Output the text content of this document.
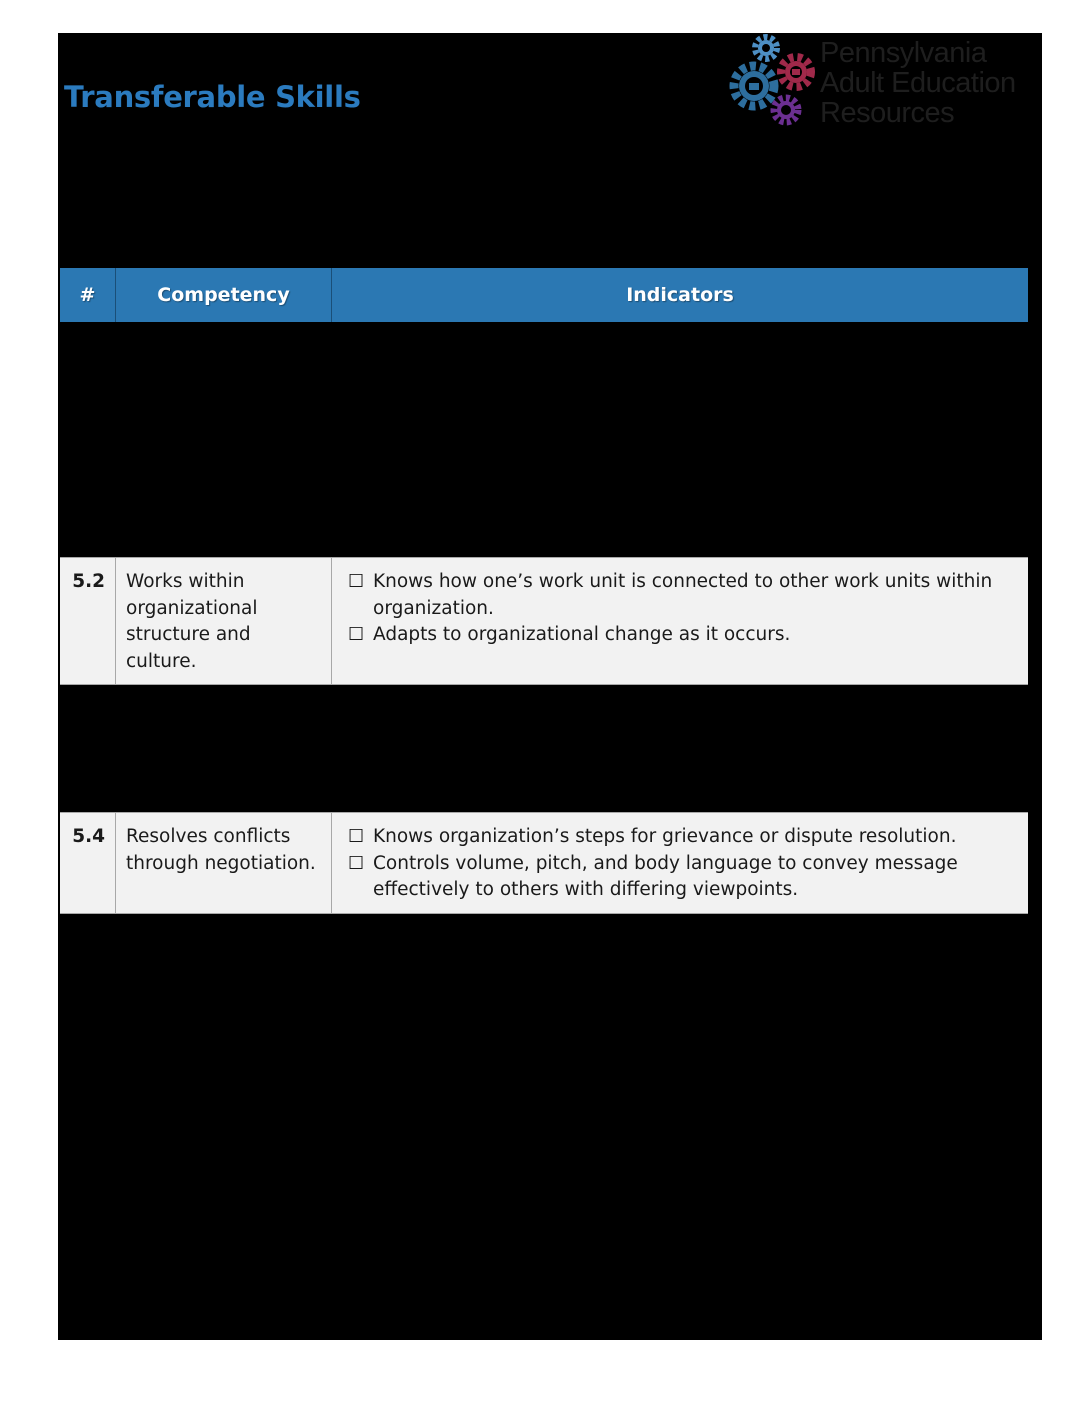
Transferable Skills
Pennsylvania
Adult Education
Resources
#	Competency	Indicators
5.2	Works within organizational structure and culture.
☐ Knows how one’s work unit is connected to other work units within organization.
☐ Adapts to organizational change as it occurs.
5.4	Resolves conflicts through negotiation.
☐ Knows organization’s steps for grievance or dispute resolution.
☐ Controls volume, pitch, and body language to convey message effectively to others with differing viewpoints.
